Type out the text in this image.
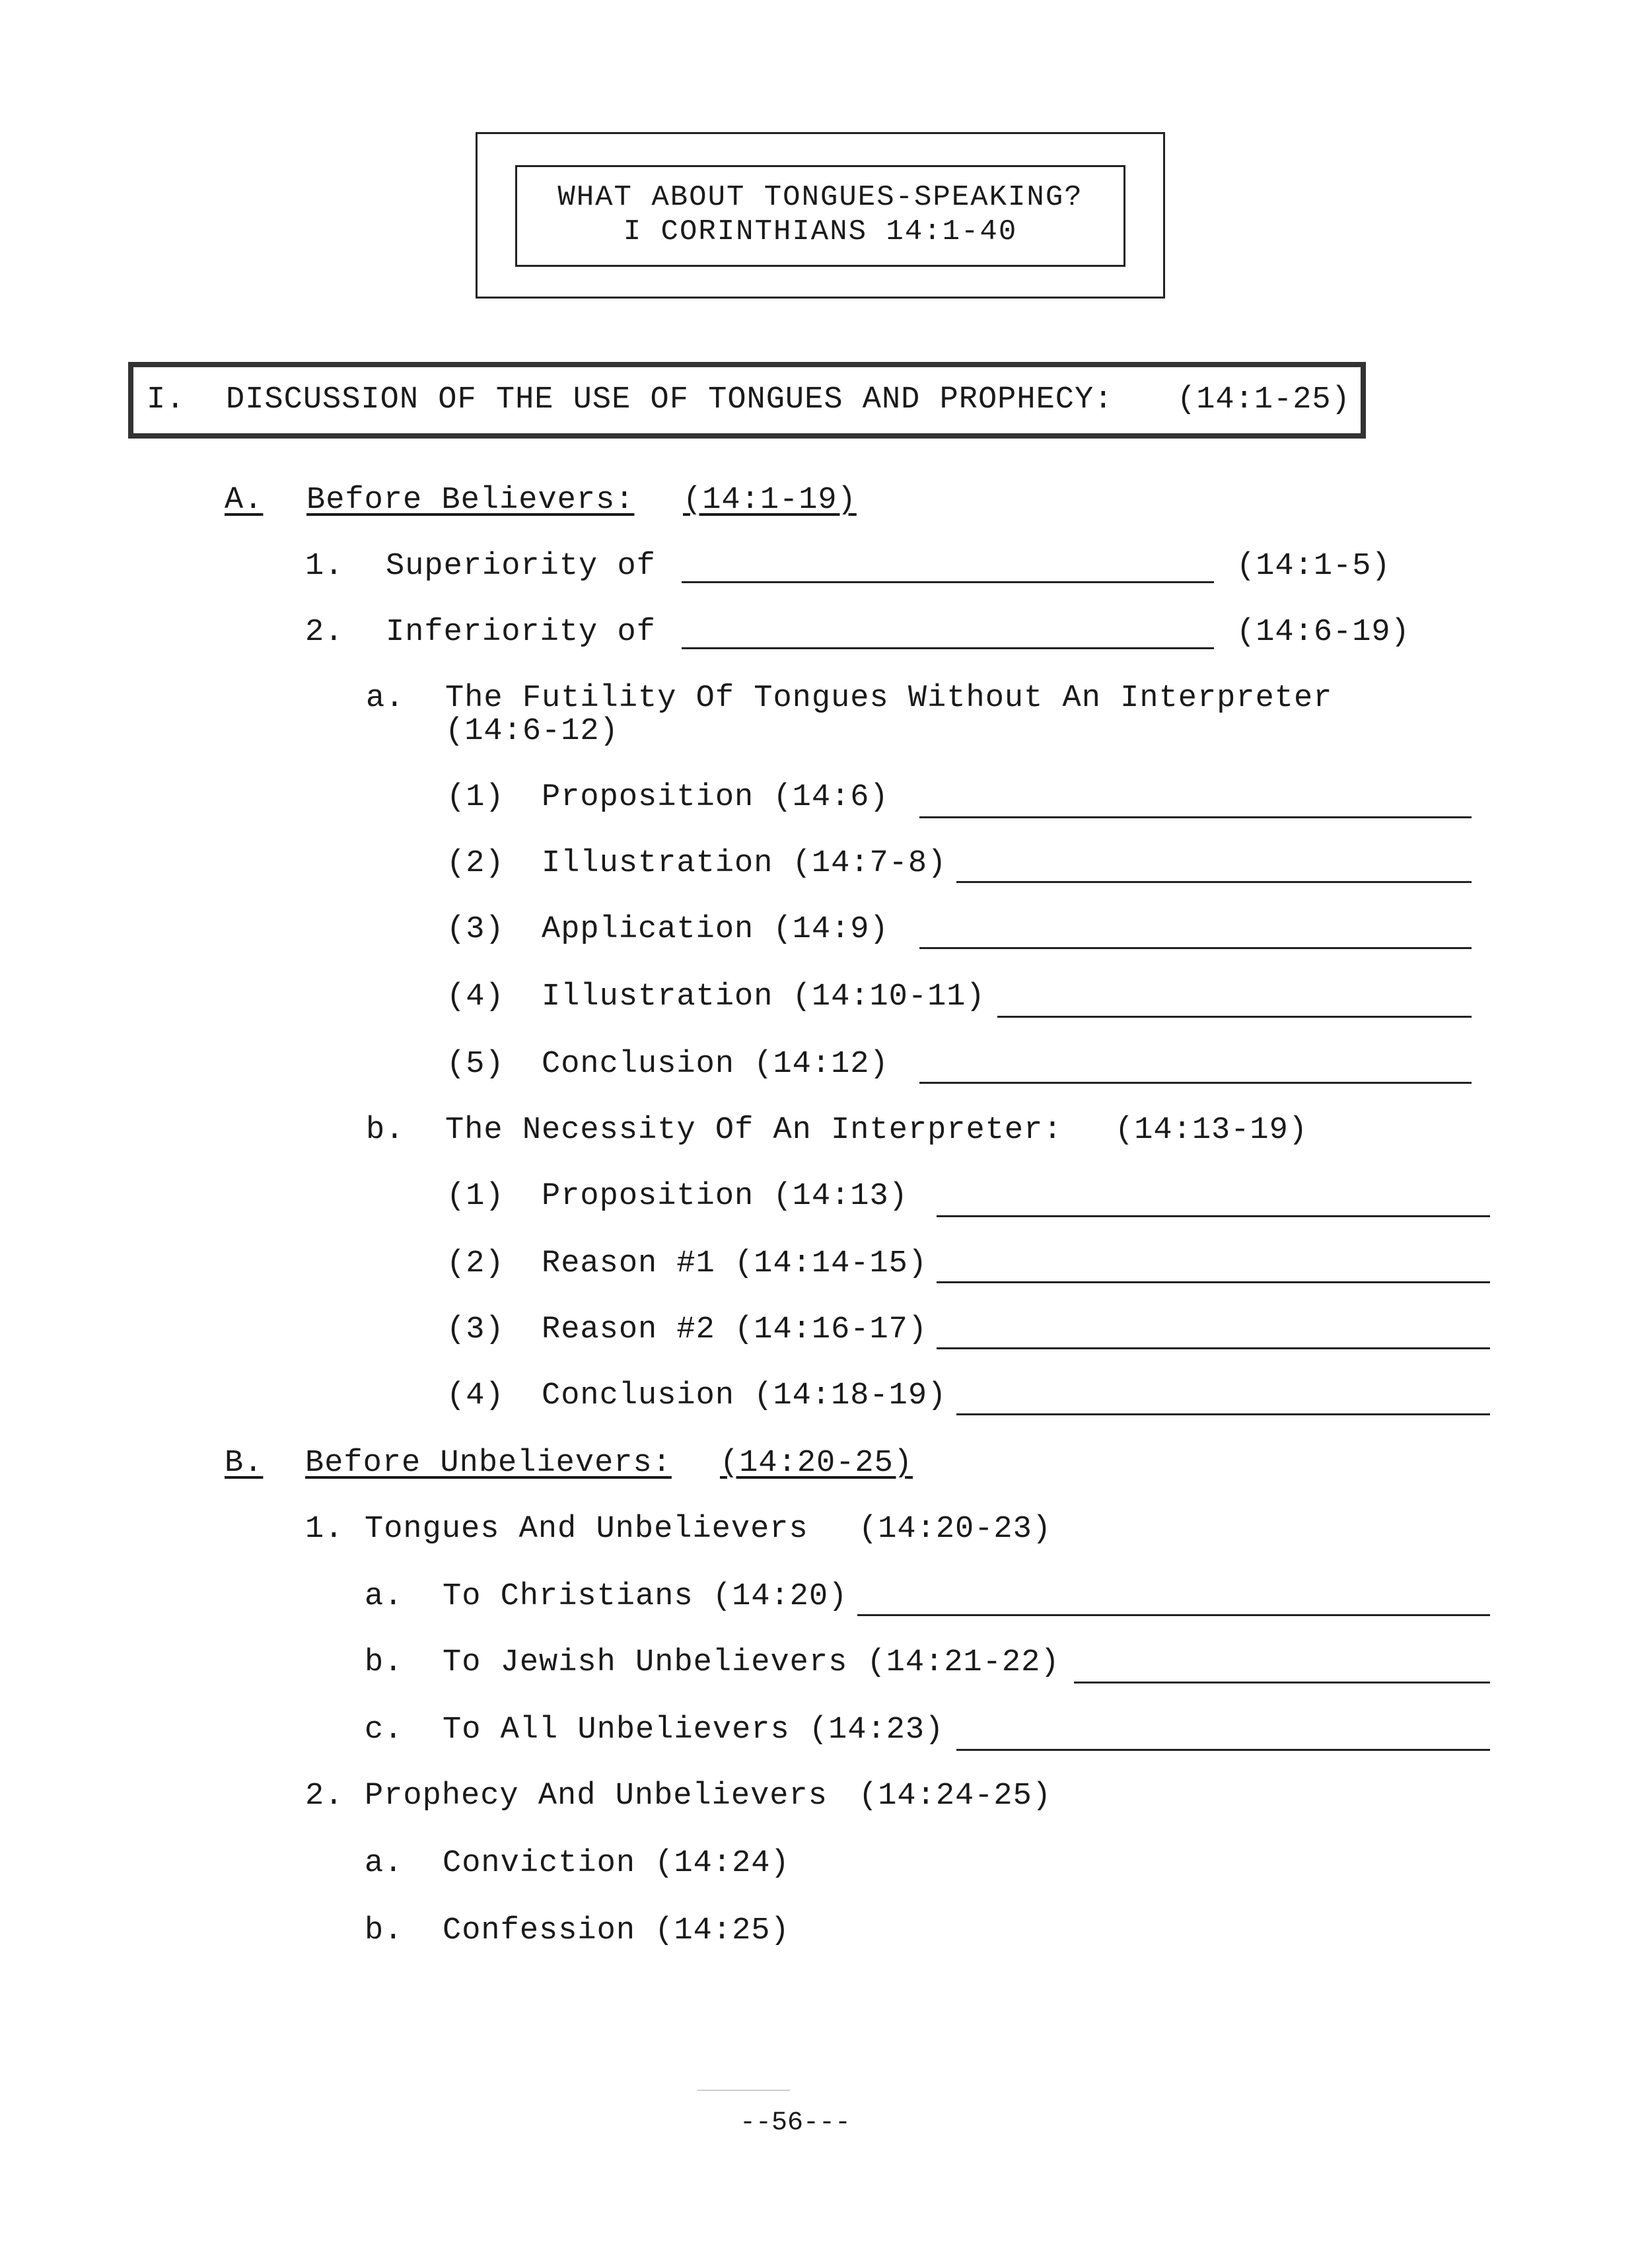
WHAT ABOUT TONGUES-SPEAKING?
I CORINTHIANS 14:1-40
I. DISCUSSION OF THE USE OF TONGUES AND PROPHECY: (14:1-25)
A. Before Believers: (14:1-19)
1. Superiority of	(14:1-5)
2. Inferiority of	(14:6-19)
a. The Futility Of Tongues Without An Interpreter
(14:6-12)
(1) Proposition (14:6)
(2) Illustration (14:7-8)
(3) Application (14:9)
(4) Illustration (14:10-11)
(5) Conclusion (14:12)
b. The Necessity Of An Interpreter: (14:13-19)
(1) Proposition (14:13)
(2) Reason #1 (14:14-15)
(3) Reason #2 (14:16-17)
(4) Conclusion (14:18-19)
B. Before Unbelievers: (14:20-25)
1. Tongues And Unbelievers (14:20-23)
a. To Christians (14:20)
b. To Jewish Unbelievers (14:21-22)
c. To All Unbelievers (14:23)
2. Prophecy And Unbelievers (14:24-25)
a. Conviction (14:24)
b. Confession (14:25)
--56---
